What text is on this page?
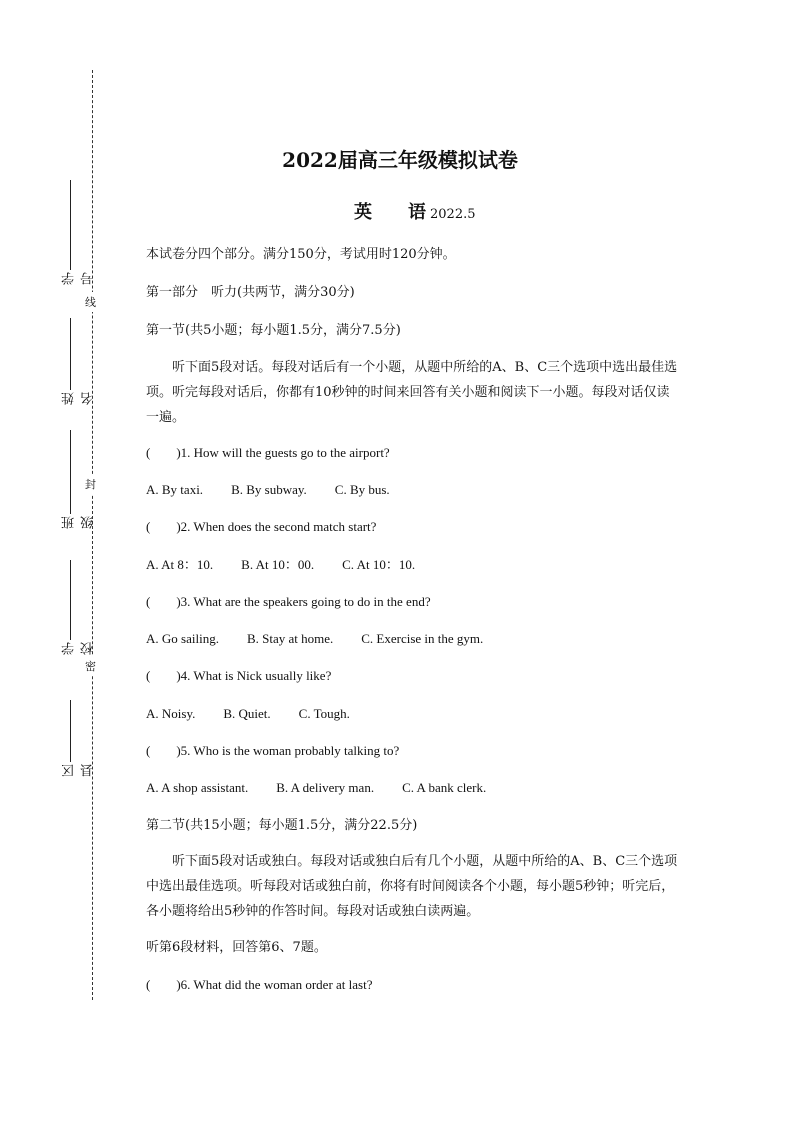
线
封
密
学号
姓名
班级
学校
区县
2022届高三年级模拟试卷
英　　语 2022.5
本试卷分四个部分。满分150分，考试用时120分钟。
第一部分　听力(共两节，满分30分)
第一节(共5小题；每小题1.5分，满分7.5分)
听下面5段对话。每段对话后有一个小题，从题中所给的A、B、C三个选项中选出最佳选项。听完每段对话后，你都有10秒钟的时间来回答有关小题和阅读下一小题。每段对话仅读一遍。
(　　)1. How will the guests go to the airport?
A. By taxi. B. By subway. C. By bus.
(　　)2. When does the second match start?
A. At 8：10. B. At 10：00. C. At 10：10.
(　　)3. What are the speakers going to do in the end?
A. Go sailing. B. Stay at home. C. Exercise in the gym.
(　　)4. What is Nick usually like?
A. Noisy. B. Quiet. C. Tough.
(　　)5. Who is the woman probably talking to?
A. A shop assistant. B. A delivery man. C. A bank clerk.
第二节(共15小题；每小题1.5分，满分22.5分)
听下面5段对话或独白。每段对话或独白后有几个小题，从题中所给的A、B、C三个选项中选出最佳选项。听每段对话或独白前，你将有时间阅读各个小题，每小题5秒钟；听完后，各小题将给出5秒钟的作答时间。每段对话或独白读两遍。
听第6段材料，回答第6、7题。
(　　)6. What did the woman order at last?
